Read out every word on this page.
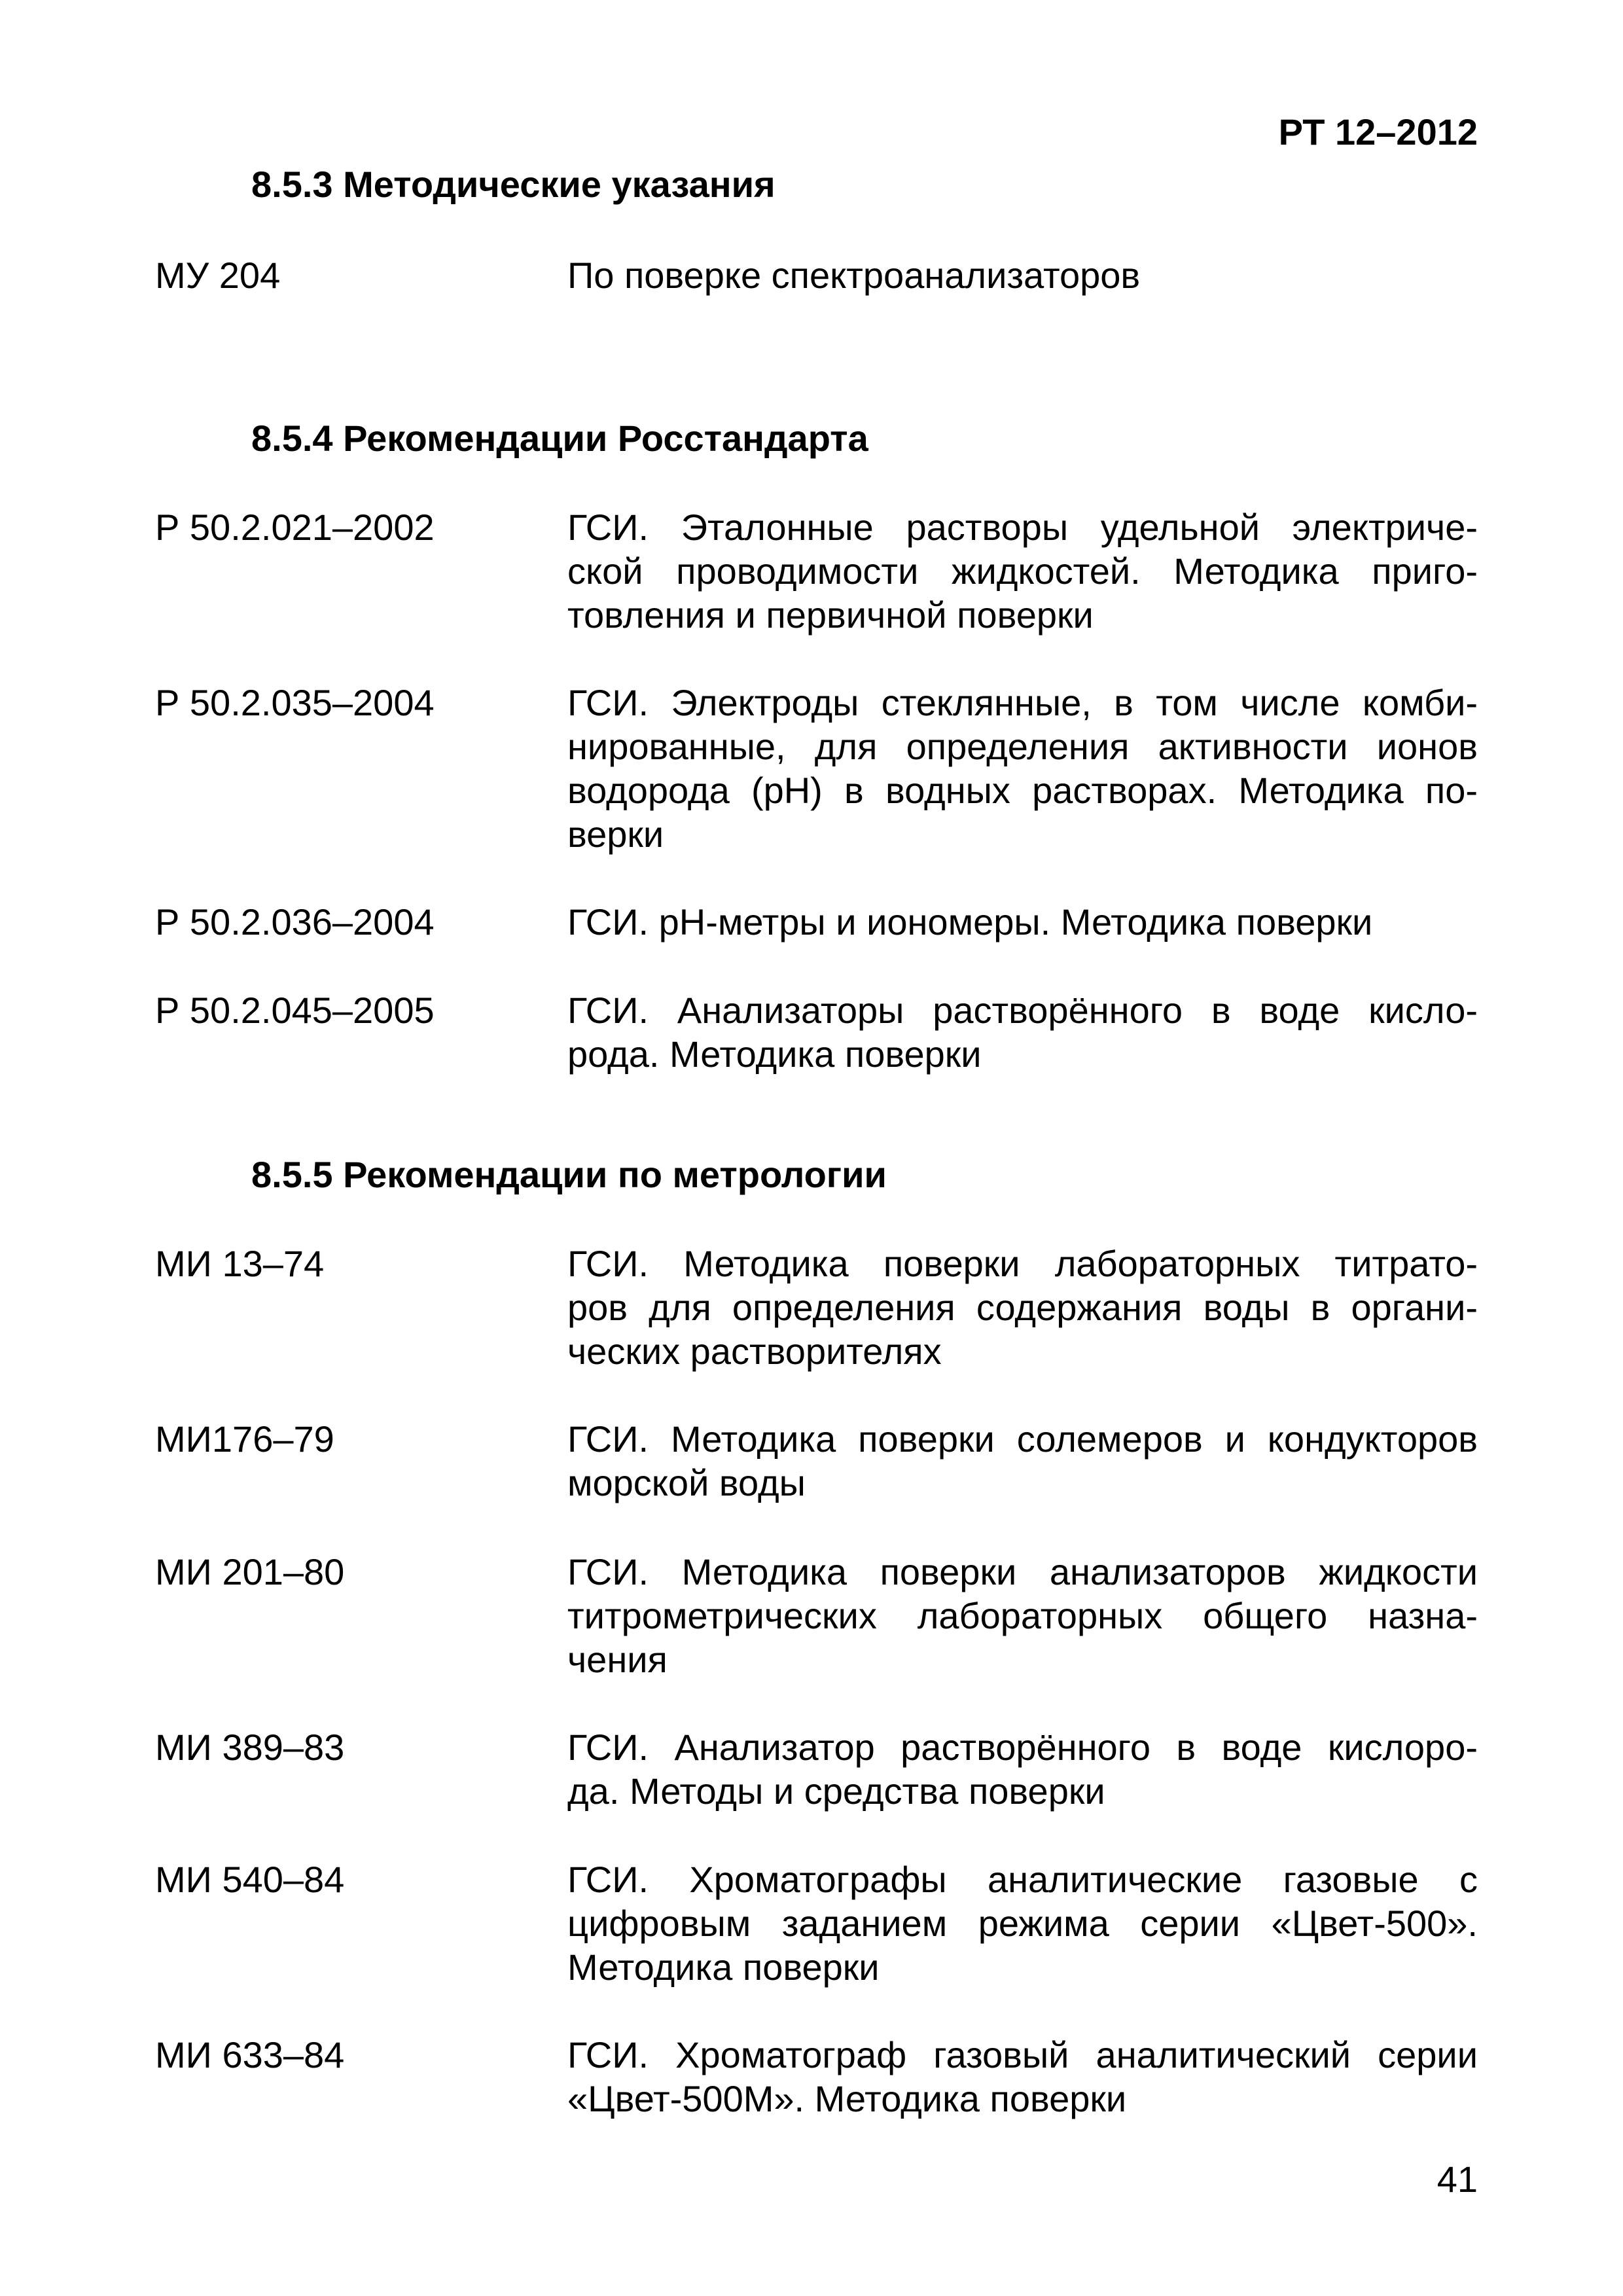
РТ 12–2012
8.5.3 Методические указания
МУ 204	По поверке спектроанализаторов
8.5.4 Рекомендации Росстандарта
Р 50.2.021–2002	ГСИ. Эталонные растворы удельной электриче-
ской проводимости жидкостей. Методика приго-
товления и первичной поверки
Р 50.2.035–2004	ГСИ. Электроды стеклянные, в том числе комби-
нированные, для определения активности ионов
водорода (рН) в водных растворах. Методика по-
верки
Р 50.2.036–2004	ГСИ. рН-метры и иономеры. Методика поверки
Р 50.2.045–2005	ГСИ. Анализаторы растворённого в воде кисло-
рода. Методика поверки
8.5.5 Рекомендации по метрологии
МИ 13–74	ГСИ. Методика поверки лабораторных титрато-
ров для определения содержания воды в органи-
ческих растворителях
МИ176–79	ГСИ. Методика поверки солемеров и кондукторов
морской воды
МИ 201–80	ГСИ. Методика поверки анализаторов жидкости
титрометрических лабораторных общего назна-
чения
МИ 389–83	ГСИ. Анализатор растворённого в воде кислоро-
да. Методы и средства поверки
МИ 540–84	ГСИ. Хроматографы аналитические газовые с
цифровым заданием режима серии «Цвет-500».
Методика поверки
МИ 633–84	ГСИ. Хроматограф газовый аналитический серии
«Цвет-500М». Методика поверки
41
